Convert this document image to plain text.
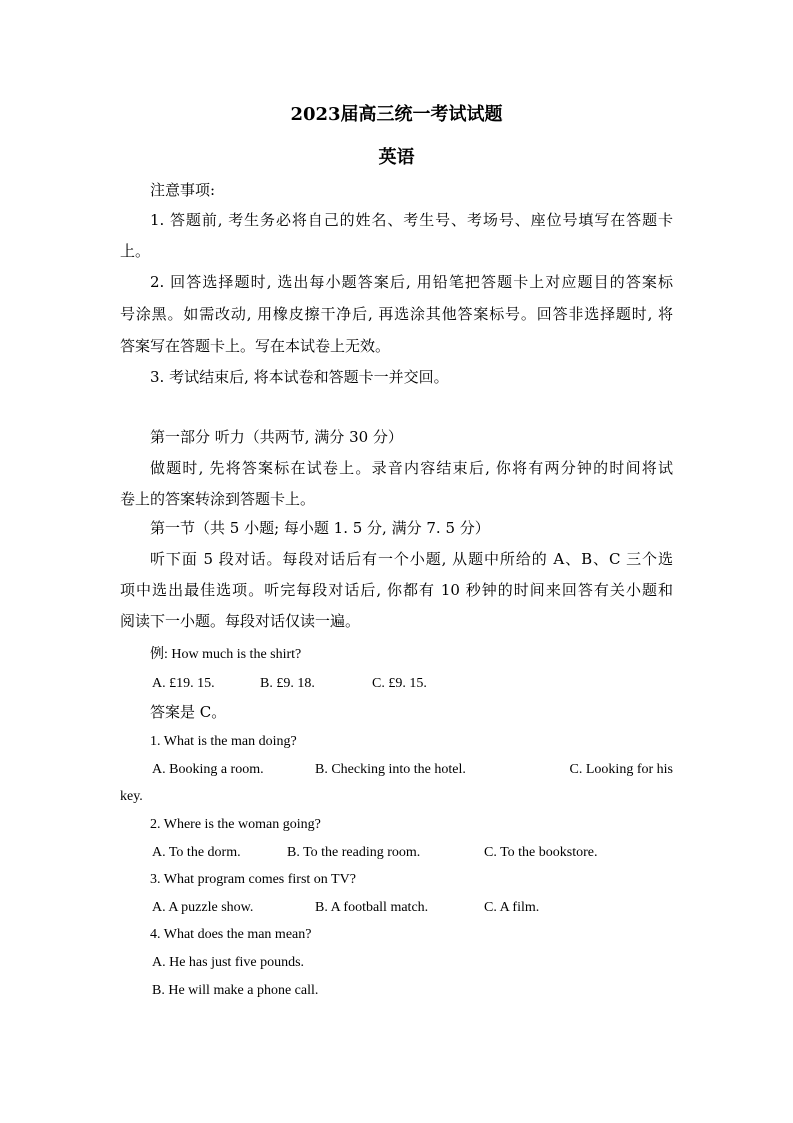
2023届高三统一考试试题
英语
注意事项:
1. 答题前, 考生务必将自己的姓名、考生号、考场号、座位号填写在答题卡
上。
2. 回答选择题时, 选出每小题答案后, 用铅笔把答题卡上对应题目的答案标
号涂黑。如需改动, 用橡皮擦干净后, 再选涂其他答案标号。回答非选择题时, 将
答案写在答题卡上。写在本试卷上无效。
3. 考试结束后, 将本试卷和答题卡一并交回。
第一部分 听力（共两节, 满分 30 分）
做题时, 先将答案标在试卷上。录音内容结束后, 你将有两分钟的时间将试
卷上的答案转涂到答题卡上。
第一节（共 5 小题; 每小题 1. 5 分, 满分 7. 5 分）
听下面 5 段对话。每段对话后有一个小题, 从题中所给的 A、B、C 三个选
项中选出最佳选项。听完每段对话后, 你都有 10 秒钟的时间来回答有关小题和
阅读下一小题。每段对话仅读一遍。
例: How much is the shirt?
A. £19. 15.	B. £9. 18.	C. £9. 15.
答案是 C。
1. What is the man doing?
A. Booking a room.	B. Checking into the hotel.	C. Looking for his
key.
2. Where is the woman going?
A. To the dorm.	B. To the reading room.	C. To the bookstore.
3. What program comes first on TV?
A. A puzzle show.	B. A football match.	C. A film.
4. What does the man mean?
A. He has just five pounds.
B. He will make a phone call.
